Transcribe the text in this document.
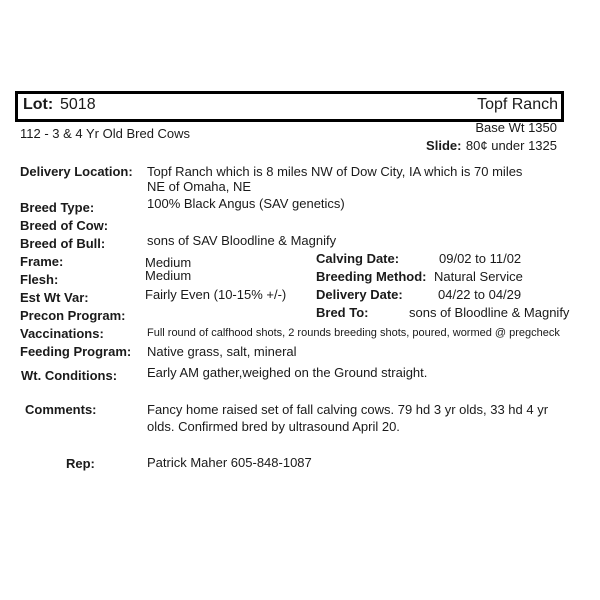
Lot: 5018	Topf Ranch
112 - 3 & 4 Yr Old Bred Cows	Base Wt 1350
Slide: 80¢ under 1325
Delivery Location: Topf Ranch which is 8 miles NW of Dow City, IA which is 70 miles
NE of Omaha, NE
Breed Type:	100% Black Angus (SAV genetics)
Breed of Cow:
Breed of Bull:	sons of SAV Bloodline & Magnify
Frame:	Medium
Flesh:	Medium
Est Wt Var:	Fairly Even (10-15% +/-)
Precon Program:
Calving Date:	09/02 to 11/02
Breeding Method: Natural Service
Delivery Date:	04/22 to 04/29
Bred To:	sons of Bloodline & Magnify
Vaccinations:	Full round of calfhood shots, 2 rounds breeding shots, poured, wormed @ pregcheck
Feeding Program: Native grass, salt, mineral
Wt. Conditions: Early AM gather,weighed on the Ground straight.
Comments:	Fancy home raised set of fall calving cows. 79 hd 3 yr olds, 33 hd 4 yr
olds. Confirmed bred by ultrasound April 20.
Rep:	Patrick Maher 605-848-1087
